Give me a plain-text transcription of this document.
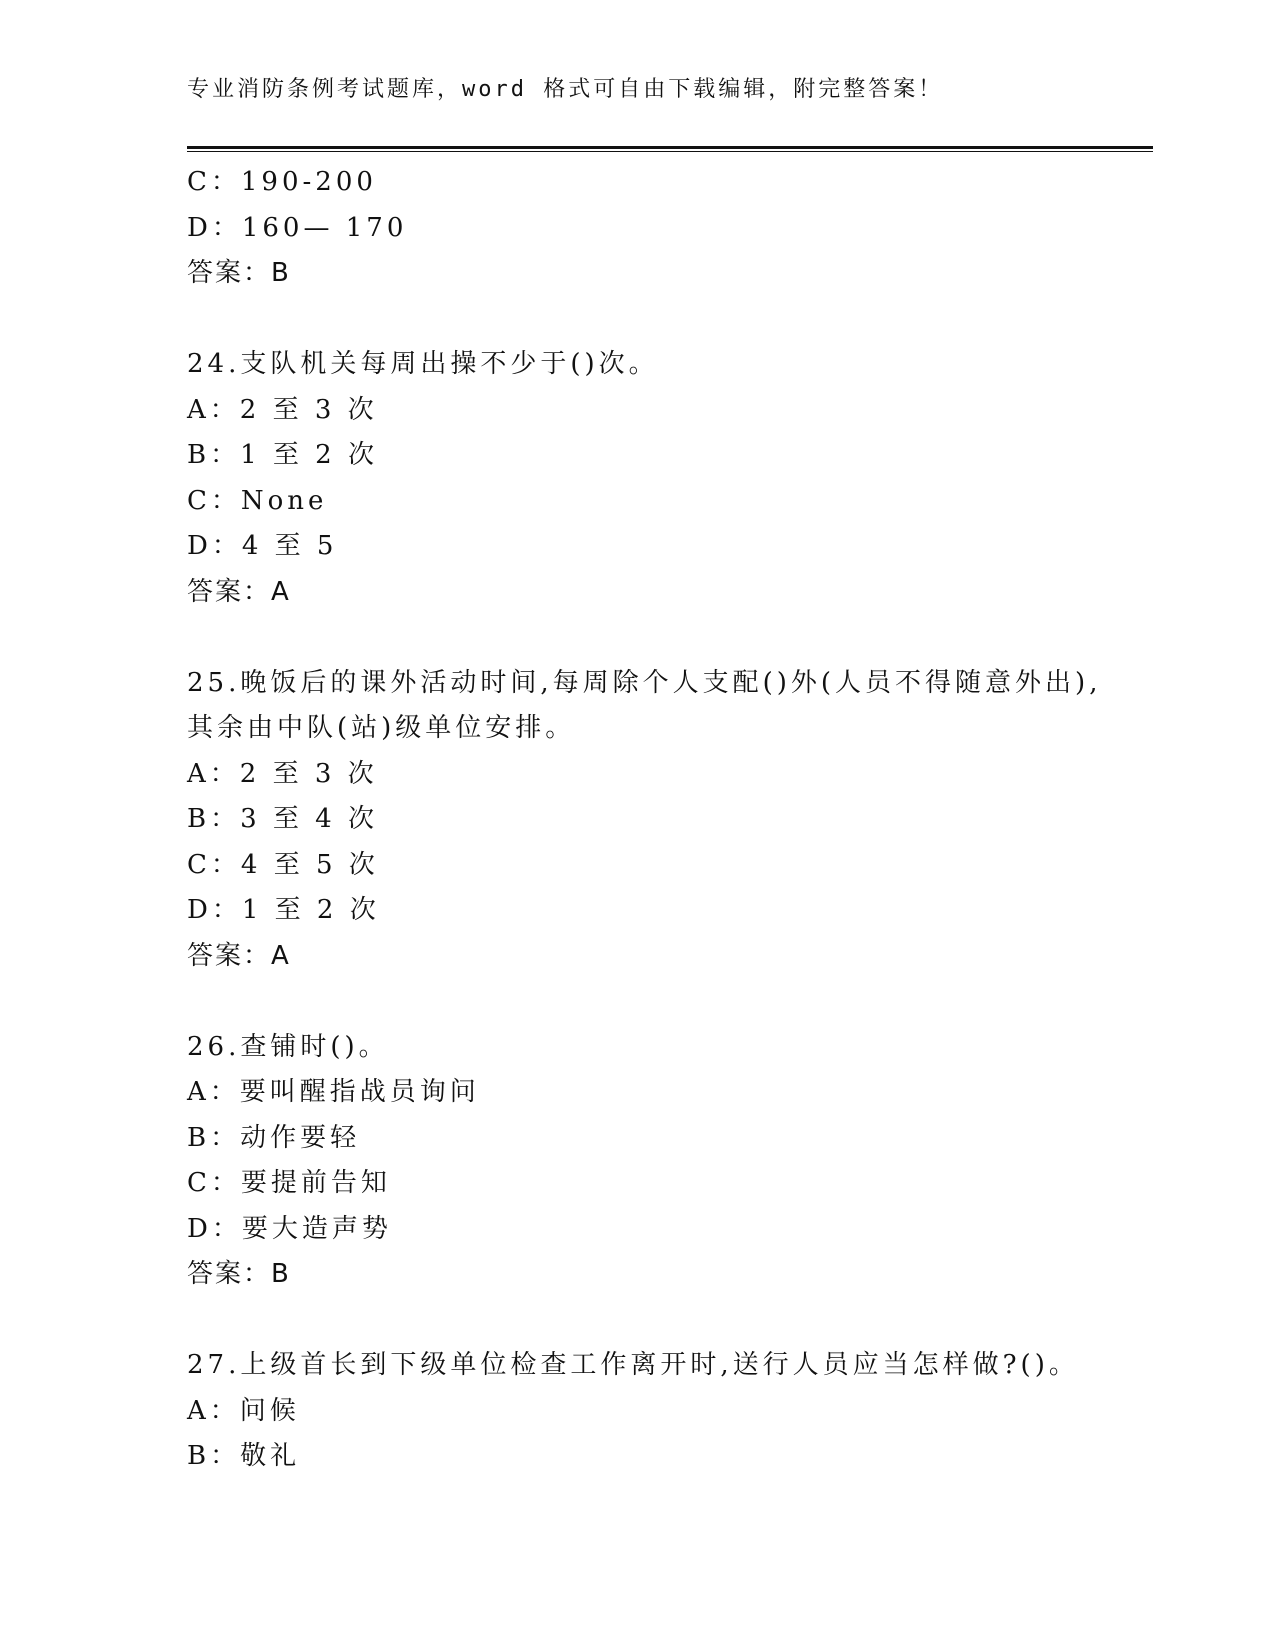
专业消防条例考试题库，word 格式可自由下载编辑，附完整答案！
C：190-200
D：160— 170
答案：B
24.支队机关每周出操不少于()次。
A：2 至 3 次
B：1 至 2 次
C：None
D：4 至 5
答案：A
25.晚饭后的课外活动时间,每周除个人支配()外(人员不得随意外出),
其余由中队(站)级单位安排。
A：2 至 3 次
B：3 至 4 次
C：4 至 5 次
D：1 至 2 次
答案：A
26.查铺时()。
A：要叫醒指战员询问
B：动作要轻
C：要提前告知
D：要大造声势
答案：B
27.上级首长到下级单位检查工作离开时,送行人员应当怎样做?()。
A：问候
B：敬礼
